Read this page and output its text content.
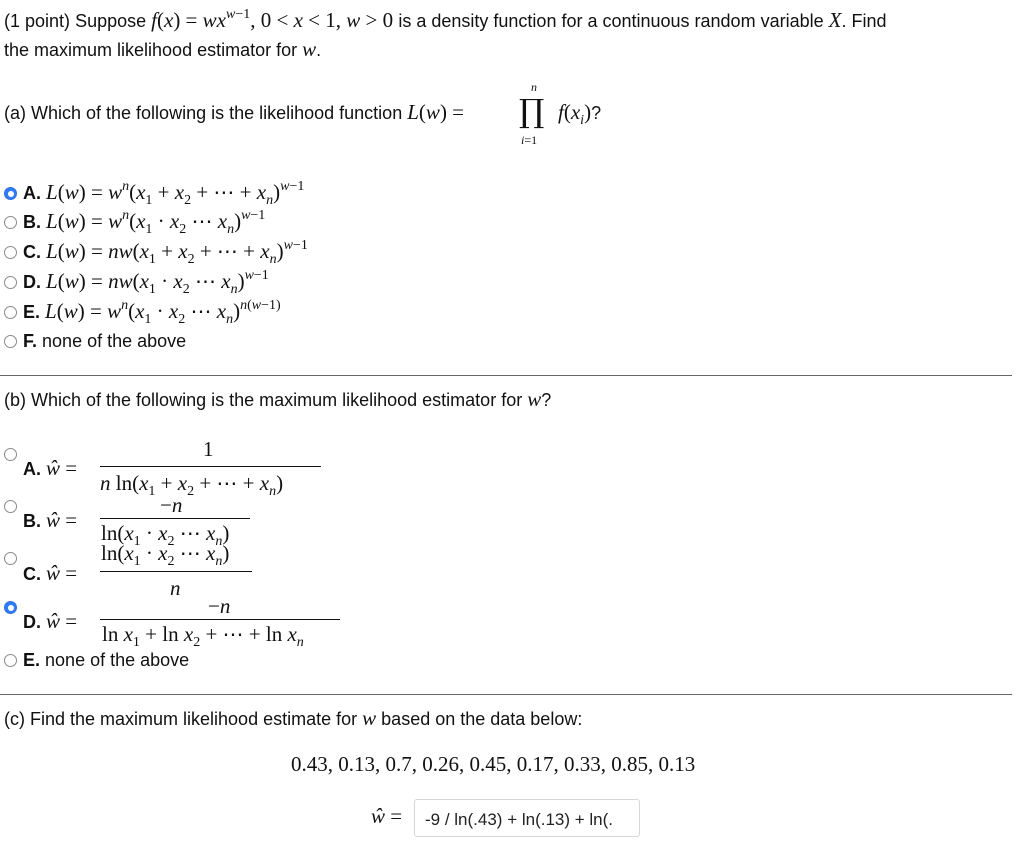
(1 point) Suppose $f(x) = wx^{w-1}$, 0 < x < 1, w > 0 is a density function for a continuous random variable X. Find
the maximum likelihood estimator for w.
(a) Which of the following is the likelihood function L(w) =
n
∏
i=1
$f(x_i)$?
A. $L(w) = w^n(x_1 + x_2$ + ⋯ + $x_n)^{w-1}$
B. $L(w) = w^n(x_1 \cdot x_2$ ⋯ $x_n)^{w-1}$
C. $L(w) = nw(x_1 + x_2$ + ⋯ + $x_n)^{w-1}$
D. $L(w) = nw(x_1 \cdot x_2$ ⋯ $x_n)^{w-1}$
E. $L(w) = w^n(x_1 \cdot x_2$ ⋯ $x_n)^{n(w-1)}$
F. none of the above
(b) Which of the following is the maximum likelihood estimator for w?
A. ŵ =
1
n $\ln(x_1 + x_2$ + ⋯ + $x_n$)
B. ŵ =
−n
$\ln(x_1 \cdot x_2$ ⋯ $x_n$)
C. ŵ =
$\ln(x_1 \cdot x_2$ ⋯ $x_n$)
n
D. ŵ =
−n
$\ln x_1 + \ln x_2$ + ⋯ + $\ln x_n$
E. none of the above
(c) Find the maximum likelihood estimate for w based on the data below:
0.43, 0.13, 0.7, 0.26, 0.45, 0.17, 0.33, 0.85, 0.13
ŵ =	-9 / ln(.43) + ln(.13) + ln(.
